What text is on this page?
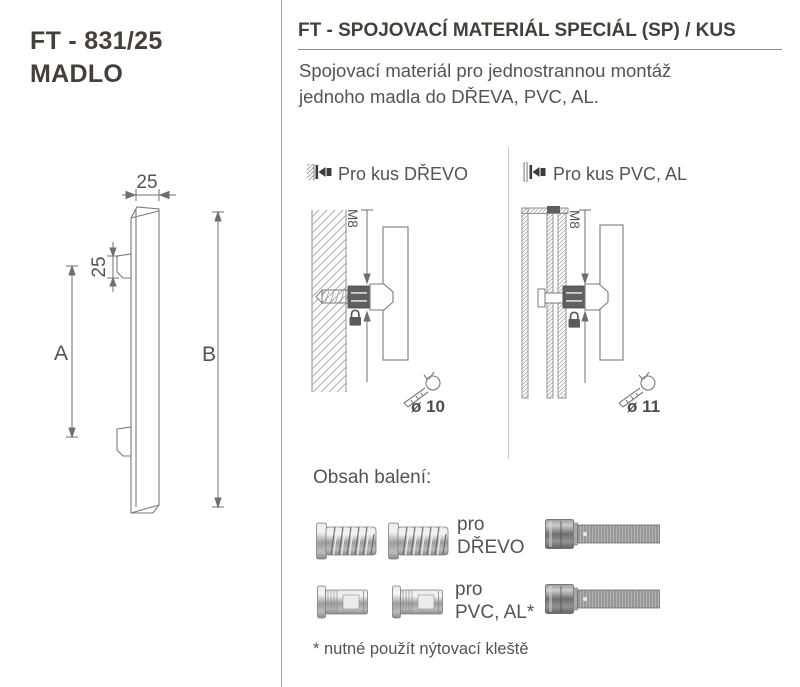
FT - 831/25
MADLO
25
25
A	B
FT - SPOJOVACÍ MATERIÁL SPECIÁL (SP) / KUS
Spojovací materiál pro jednostrannou montáž
jednoho madla do DŘEVA, PVC, AL.
Pro kus DŘEVO	Pro kus PVC, AL
M8
ø 10
M8
ø 11
Obsah balení:
pro
DŘEVO
pro
PVC, AL*
* nutné použít nýtovací kleště
